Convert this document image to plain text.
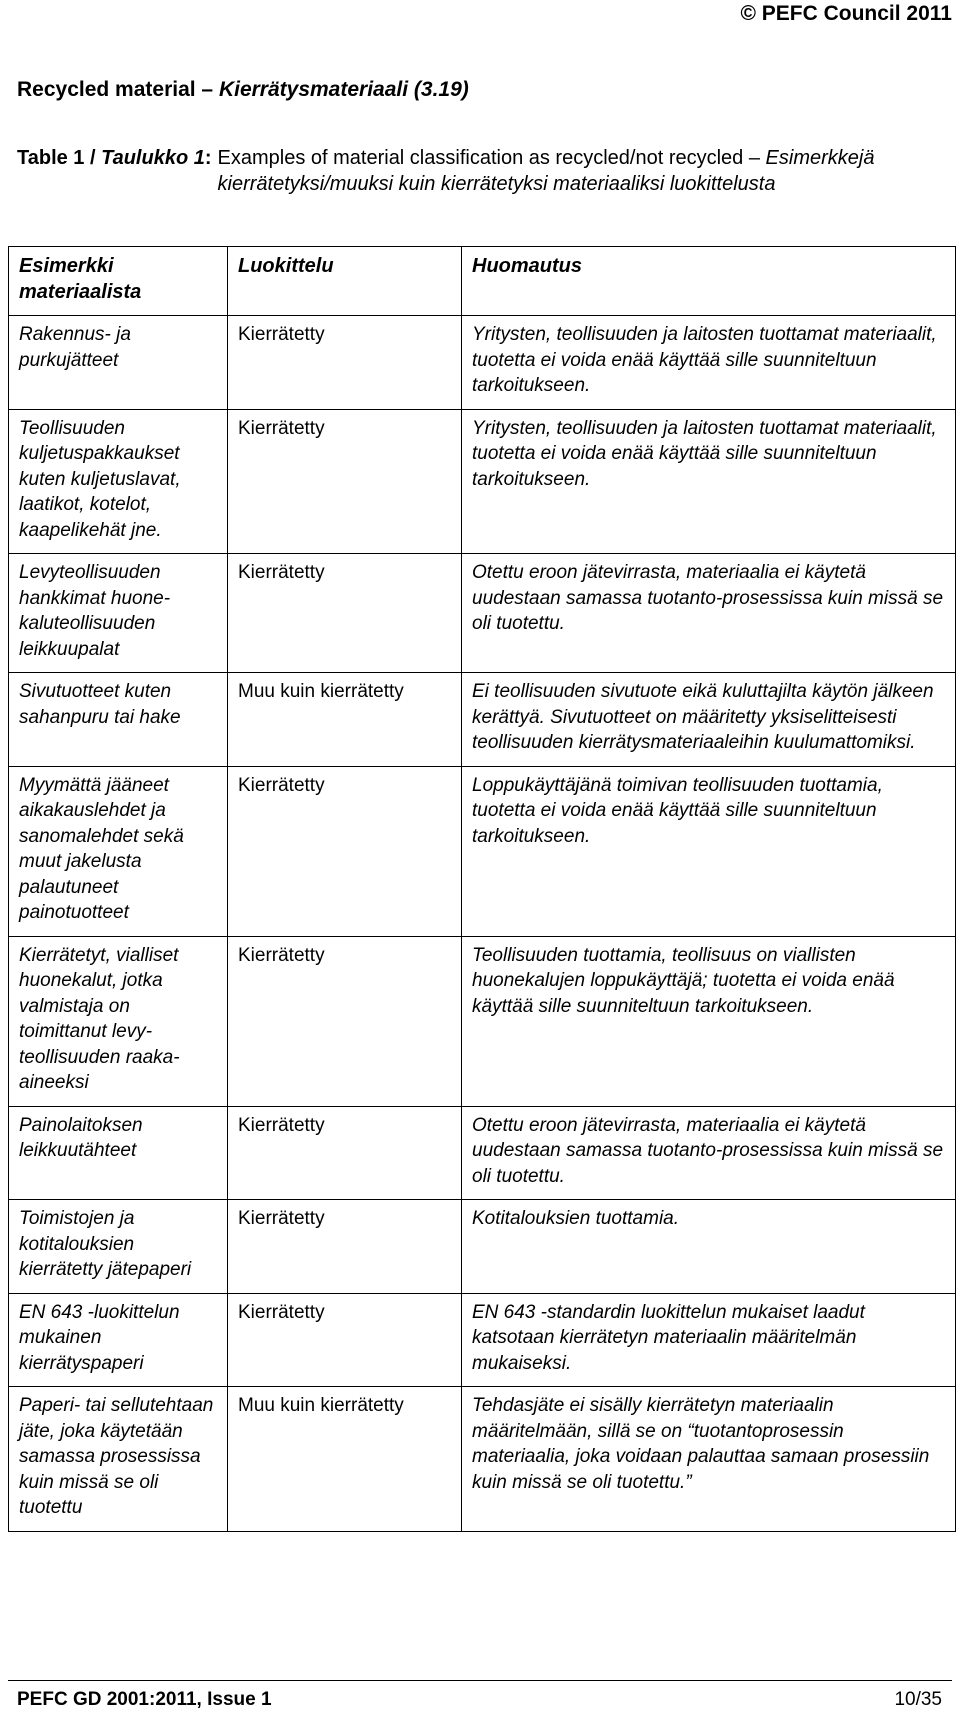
© PEFC Council 2011
Recycled material – Kierrätysmateriaali (3.19)
Table 1 / Taulukko 1: Examples of material classification as recycled/not recycled – Esimerkkejä kierrätetyksi/muuksi kuin kierrätetyksi materiaaliksi luokittelusta
Esimerkki materiaalista	Luokittelu	Huomautus
Rakennus- ja purkujätteet	Kierrätetty	Yritysten, teollisuuden ja laitosten tuottamat materiaalit, tuotetta ei voida enää käyttää sille suunniteltuun tarkoitukseen.
Teollisuuden kuljetuspakkaukset kuten kuljetuslavat, laatikot, kotelot, kaapelikehät jne.	Kierrätetty	Yritysten, teollisuuden ja laitosten tuottamat materiaalit, tuotetta ei voida enää käyttää sille suunniteltuun tarkoitukseen.
Levyteollisuuden hankkimat huone-kaluteollisuuden leikkuupalat	Kierrätetty	Otettu eroon jätevirrasta, materiaalia ei käytetä uudestaan samassa tuotanto-prosessissa kuin missä se oli tuotettu.
Sivutuotteet kuten sahanpuru tai hake	Muu kuin kierrätetty	Ei teollisuuden sivutuote eikä kuluttajilta käytön jälkeen kerättyä. Sivutuotteet on määritetty yksiselitteisesti teollisuuden kierrätysmateriaaleihin kuulumattomiksi.
Myymättä jääneet aikakauslehdet ja sanomalehdet sekä muut jakelusta palautuneet painotuotteet	Kierrätetty	Loppukäyttäjänä toimivan teollisuuden tuottamia, tuotetta ei voida enää käyttää sille suunniteltuun tarkoitukseen.
Kierrätetyt, vialliset huonekalut, jotka valmistaja on toimittanut levy-teollisuuden raaka-aineeksi	Kierrätetty	Teollisuuden tuottamia, teollisuus on viallisten huonekalujen loppukäyttäjä; tuotetta ei voida enää käyttää sille suunniteltuun tarkoitukseen.
Painolaitoksen leikkuutähteet	Kierrätetty	Otettu eroon jätevirrasta, materiaalia ei käytetä uudestaan samassa tuotanto-prosessissa kuin missä se oli tuotettu.
Toimistojen ja kotitalouksien kierrätetty jätepaperi	Kierrätetty	Kotitalouksien tuottamia.
EN 643 -luokittelun mukainen kierrätyspaperi	Kierrätetty	EN 643 -standardin luokittelun mukaiset laadut katsotaan kierrätetyn materiaalin määritelmän mukaiseksi.
Paperi- tai sellutehtaan jäte, joka käytetään samassa prosessissa kuin missä se oli tuotettu	Muu kuin kierrätetty	Tehdasjäte ei sisälly kierrätetyn materiaalin määritelmään, sillä se on “tuotantoprosessin materiaalia, joka voidaan palauttaa samaan prosessiin kuin missä se oli tuotettu.”
PEFC GD 2001:2011, Issue 1	10/35
